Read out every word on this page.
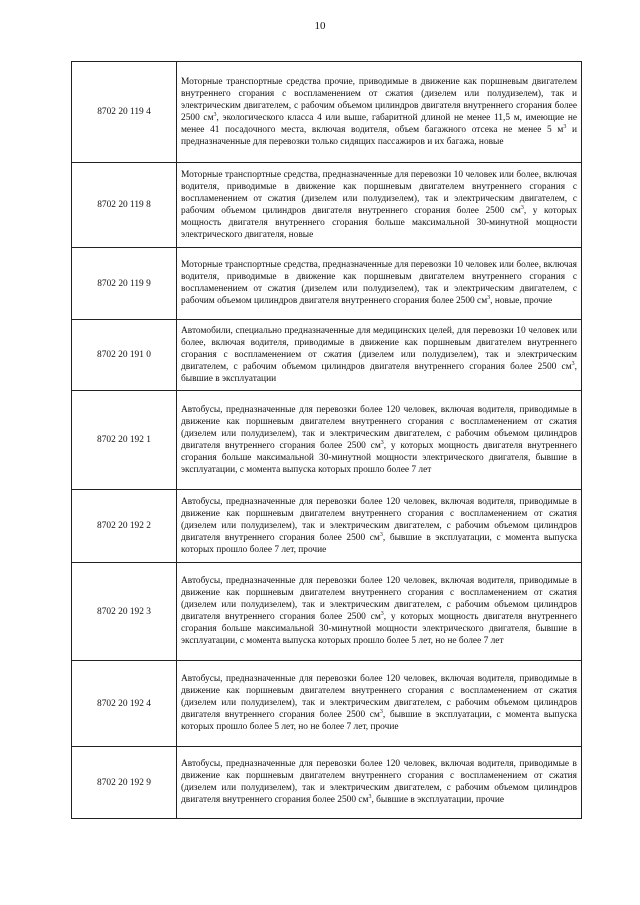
10
8702 20 119 4	Моторные транспортные средства прочие, приводимые в движение как поршневым двигателем внутреннего сгорания с воспламенением от сжатия (дизелем или полудизелем), так и электрическим двигателем, с рабочим объемом цилиндров двигателя внутреннего сгорания более 2500 $см^3$, экологического класса 4 или выше, габаритной длиной не менее 11,5 м, имеющие не менее 41 посадочного места, включая водителя, объем багажного отсека не менее 5 $м^3$ и предназначенные для перевозки только сидящих пассажиров и их багажа, новые
8702 20 119 8	Моторные транспортные средства, предназначенные для перевозки 10 человек или более, включая водителя, приводимые в движение как поршневым двигателем внутреннего сгорания с воспламенением от сжатия (дизелем или полудизелем), так и электрическим двигателем, с рабочим объемом цилиндров двигателя внутреннего сгорания более 2500 $см^3$, у которых мощность двигателя внутреннего сгорания больше максимальной 30-минутной мощности электрического двигателя, новые
8702 20 119 9	Моторные транспортные средства, предназначенные для перевозки 10 человек или более, включая водителя, приводимые в движение как поршневым двигателем внутреннего сгорания с воспламенением от сжатия (дизелем или полудизелем), так и электрическим двигателем, с рабочим объемом цилиндров двигателя внутреннего сгорания более 2500 $см^3$, новые, прочие
8702 20 191 0	Автомобили, специально предназначенные для медицинских целей, для перевозки 10 человек или более, включая водителя, приводимые в движение как поршневым двигателем внутреннего сгорания с воспламенением от сжатия (дизелем или полудизелем), так и электрическим двигателем, с рабочим объемом цилиндров двигателя внутреннего сгорания более 2500 $см^3$, бывшие в эксплуатации
8702 20 192 1	Автобусы, предназначенные для перевозки более 120 человек, включая водителя, приводимые в движение как поршневым двигателем внутреннего сгорания с воспламенением от сжатия (дизелем или полудизелем), так и электрическим двигателем, с рабочим объемом цилиндров двигателя внутреннего сгорания более 2500 $см^3$, у которых мощность двигателя внутреннего сгорания больше максимальной 30-минутной мощности электрического двигателя, бывшие в эксплуатации, с момента выпуска которых прошло более 7 лет
8702 20 192 2	Автобусы, предназначенные для перевозки более 120 человек, включая водителя, приводимые в движение как поршневым двигателем внутреннего сгорания с воспламенением от сжатия (дизелем или полудизелем), так и электрическим двигателем, с рабочим объемом цилиндров двигателя внутреннего сгорания более 2500 $см^3$, бывшие в эксплуатации, с момента выпуска которых прошло более 7 лет, прочие
8702 20 192 3	Автобусы, предназначенные для перевозки более 120 человек, включая водителя, приводимые в движение как поршневым двигателем внутреннего сгорания с воспламенением от сжатия (дизелем или полудизелем), так и электрическим двигателем, с рабочим объемом цилиндров двигателя внутреннего сгорания более 2500 $см^3$, у которых мощность двигателя внутреннего сгорания больше максимальной 30-минутной мощности электрического двигателя, бывшие в эксплуатации, с момента выпуска которых прошло более 5 лет, но не более 7 лет
8702 20 192 4	Автобусы, предназначенные для перевозки более 120 человек, включая водителя, приводимые в движение как поршневым двигателем внутреннего сгорания с воспламенением от сжатия (дизелем или полудизелем), так и электрическим двигателем, с рабочим объемом цилиндров двигателя внутреннего сгорания более 2500 $см^3$, бывшие в эксплуатации, с момента выпуска которых прошло более 5 лет, но не более 7 лет, прочие
8702 20 192 9	Автобусы, предназначенные для перевозки более 120 человек, включая водителя, приводимые в движение как поршневым двигателем внутреннего сгорания с воспламенением от сжатия (дизелем или полудизелем), так и электрическим двигателем, с рабочим объемом цилиндров двигателя внутреннего сгорания более 2500 $см^3$, бывшие в эксплуатации, прочие
